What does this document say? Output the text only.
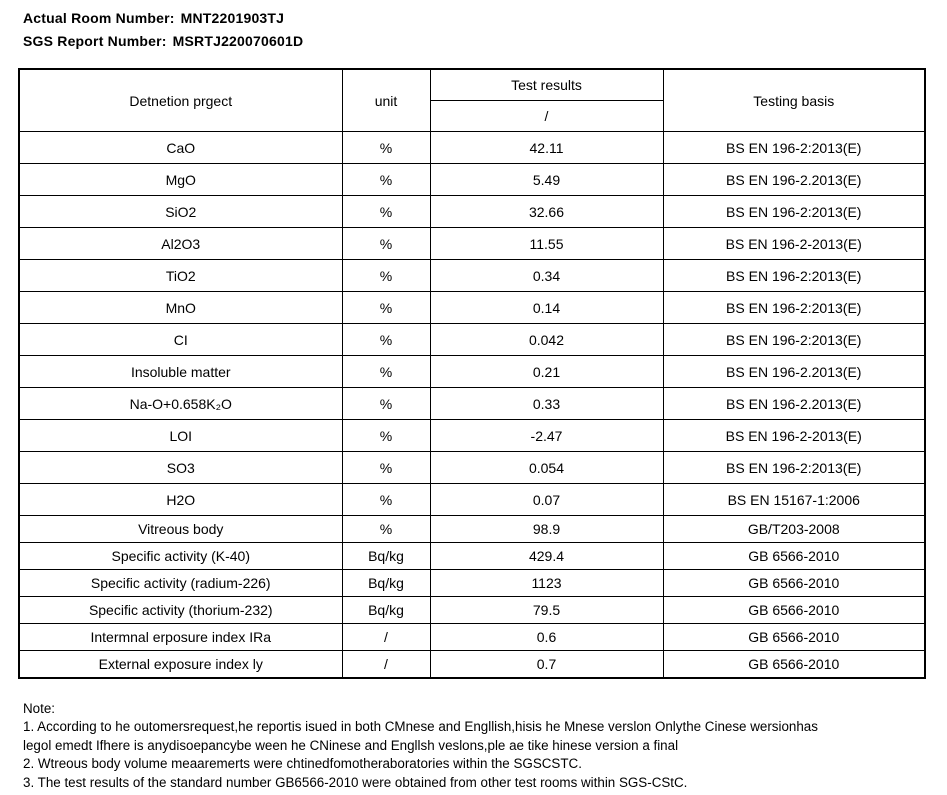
Actual Room Number: MNT2201903TJ
SGS Report Number: MSRTJ220070601D
Detnetion prgect	unit	Test results	Testing basis
		/	
CaO	%	42.11	BS EN 196-2:2013(E)
MgO	%	5.49	BS EN 196-2.2013(E)
SiO2	%	32.66	BS EN 196-2:2013(E)
Al2O3	%	11.55	BS EN 196-2-2013(E)
TiO2	%	0.34	BS EN 196-2:2013(E)
MnO	%	0.14	BS EN 196-2:2013(E)
CI	%	0.042	BS EN 196-2:2013(E)
Insoluble matter	%	0.21	BS EN 196-2.2013(E)
Na-O+0.658K₂O	%	0.33	BS EN 196-2.2013(E)
LOI	%	-2.47	BS EN 196-2-2013(E)
SO3	%	0.054	BS EN 196-2:2013(E)
H2O	%	0.07	BS EN 15167-1:2006
Vitreous body	%	98.9	GB/T203-2008
Specific activity (K-40)	Bq/kg	429.4	GB 6566-2010
Specific activity (radium-226)	Bq/kg	1123	GB 6566-2010
Specific activity (thorium-232)	Bq/kg	79.5	GB 6566-2010
Intermnal erposure index IRa	/	0.6	GB 6566-2010
External exposure index ly	/	0.7	GB 6566-2010
Note:
1. According to he outomersrequest,he reportis isued in both CMnese and Engllish,hisis he Mnese verslon Onlythe Cinese wersionhas
legol emedt Ifhere is anydisoepancybe ween he CNinese and Engllsh veslons,ple ae tike hinese version a final
2. Wtreous body volume meaaremerts were chtinedfomotheraboratories within the SGSCSTC.
3. The test results of the standard number GB6566-2010 were obtained from other test rooms within SGS-CStC.
